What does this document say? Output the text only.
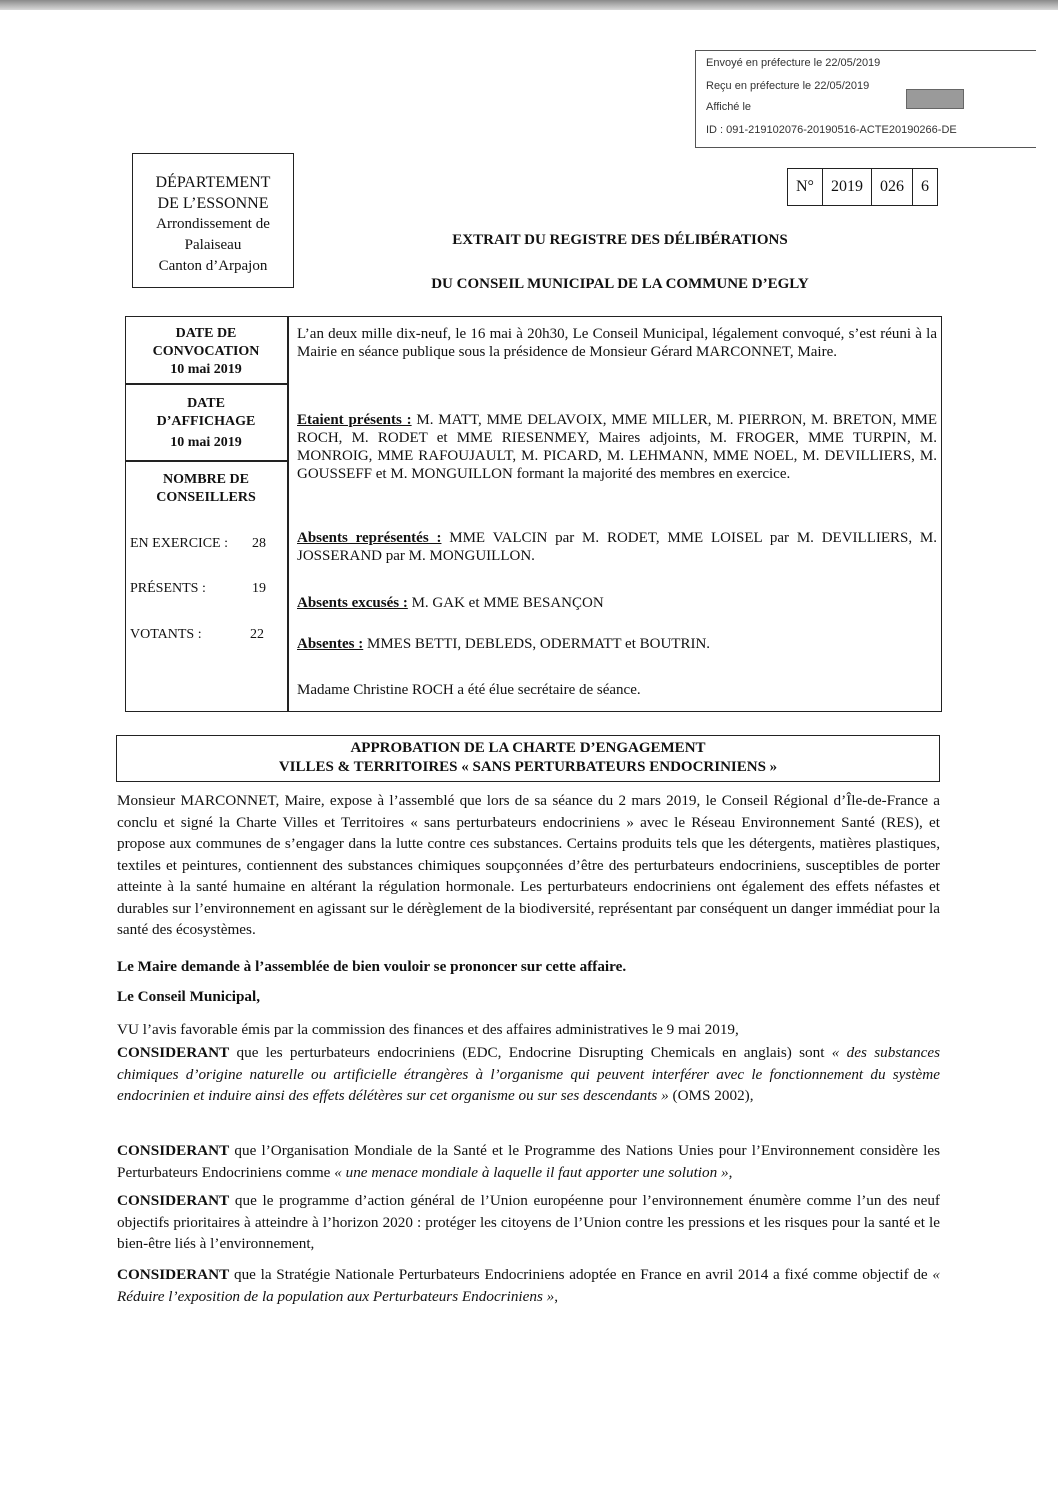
Envoyé en préfecture le 22/05/2019
Reçu en préfecture le 22/05/2019
Affiché le
ID : 091-219102076-20190516-ACTE20190266-DE
DÉPARTEMENT
DE L’ESSONNE
Arrondissement de
Palaiseau
Canton d’Arpajon
N°	2019	026	6
EXTRAIT DU REGISTRE DES DÉLIBÉRATIONS
DU CONSEIL MUNICIPAL DE LA COMMUNE D’EGLY
DATE DE CONVOCATION
10 mai 2019
DATE D’AFFICHAGE
10 mai 2019
NOMBRE DE CONSEILLERS
EN EXERCICE : 28
PRÉSENTS :	19
VOTANTS :	22
L’an deux mille dix-neuf, le 16 mai à 20h30, Le Conseil Municipal, légalement convoqué, s’est réuni à la Mairie en séance publique sous la présidence de Monsieur Gérard MARCONNET, Maire.
Etaient présents : M. MATT, MME DELAVOIX, MME MILLER, M. PIERRON, M. BRETON, MME ROCH, M. RODET et MME RIESENMEY, Maires adjoints, M. FROGER, MME TURPIN, M. MONROIG, MME RAFOUJAULT, M. PICARD, M. LEHMANN, MME NOEL, M. DEVILLIERS, M. GOUSSEFF et M. MONGUILLON formant la majorité des membres en exercice.
Absents représentés : MME VALCIN par M. RODET, MME LOISEL par M. DEVILLIERS, M. JOSSERAND par M. MONGUILLON.
Absents excusés : M. GAK et MME BESANÇON
Absentes : MMES BETTI, DEBLEDS, ODERMATT et BOUTRIN.
Madame Christine ROCH a été élue secrétaire de séance.
APPROBATION DE LA CHARTE D’ENGAGEMENT
VILLES & TERRITOIRES « SANS PERTURBATEURS ENDOCRINIENS »
Monsieur MARCONNET, Maire, expose à l’assemblé que lors de sa séance du 2 mars 2019, le Conseil Régional d’Île-de-France a conclu et signé la Charte Villes et Territoires « sans perturbateurs endocriniens » avec le Réseau Environnement Santé (RES), et propose aux communes de s’engager dans la lutte contre ces substances. Certains produits tels que les détergents, matières plastiques, textiles et peintures, contiennent des substances chimiques soupçonnées d’être des perturbateurs endocriniens, susceptibles de porter atteinte à la santé humaine en altérant la régulation hormonale. Les perturbateurs endocriniens ont également des effets néfastes et durables sur l’environnement en agissant sur le dérèglement de la biodiversité, représentant par conséquent un danger immédiat pour la santé des écosystèmes.
Le Maire demande à l’assemblée de bien vouloir se prononcer sur cette affaire.
Le Conseil Municipal,
VU l’avis favorable émis par la commission des finances et des affaires administratives le 9 mai 2019,
CONSIDERANT que les perturbateurs endocriniens (EDC, Endocrine Disrupting Chemicals en anglais) sont « des substances chimiques d’origine naturelle ou artificielle étrangères à l’organisme qui peuvent interférer avec le fonctionnement du système endocrinien et induire ainsi des effets délétères sur cet organisme ou sur ses descendants » (OMS 2002),
CONSIDERANT que l’Organisation Mondiale de la Santé et le Programme des Nations Unies pour l’Environnement considère les Perturbateurs Endocriniens comme « une menace mondiale à laquelle il faut apporter une solution »,
CONSIDERANT que le programme d’action général de l’Union européenne pour l’environnement énumère comme l’un des neuf objectifs prioritaires à atteindre à l’horizon 2020 : protéger les citoyens de l’Union contre les pressions et les risques pour la santé et le bien-être liés à l’environnement,
CONSIDERANT que la Stratégie Nationale Perturbateurs Endocriniens adoptée en France en avril 2014 a fixé comme objectif de « Réduire l’exposition de la population aux Perturbateurs Endocriniens »,
